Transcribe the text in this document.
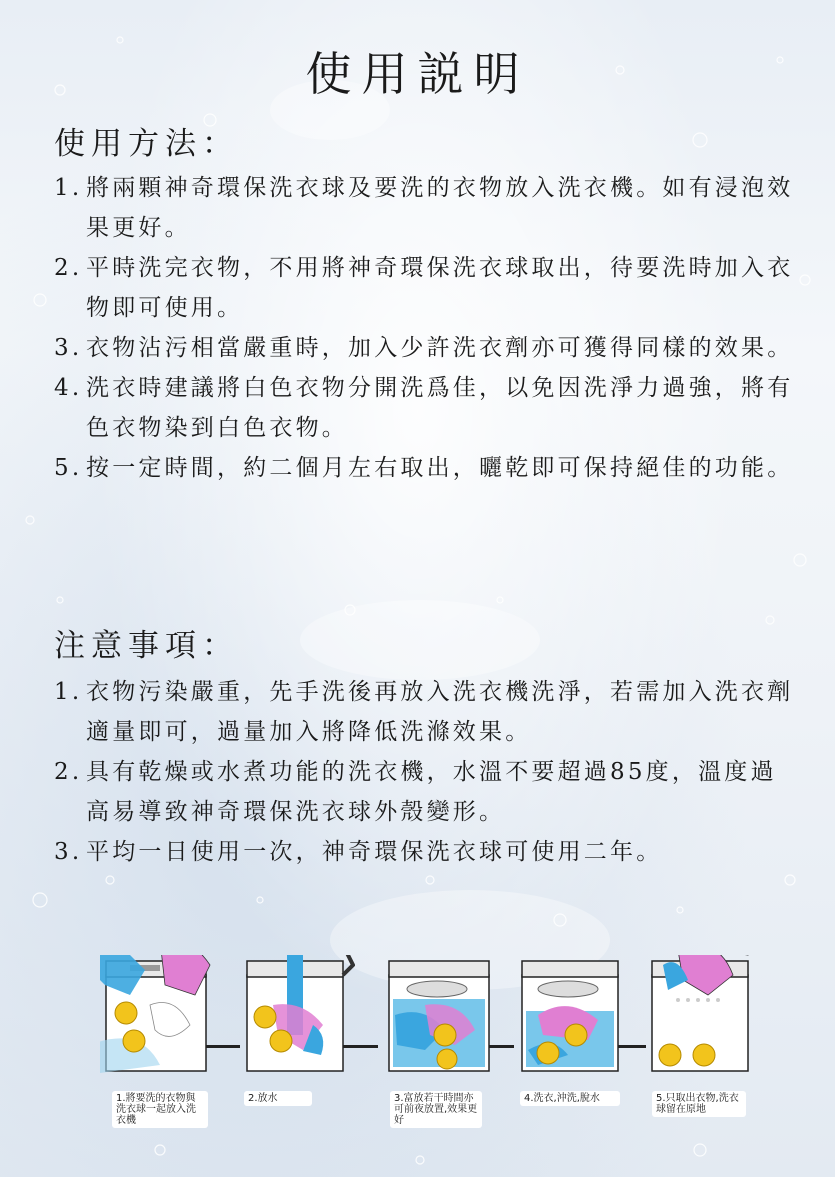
使用説明
使用方法：
1. 將兩顆神奇環保洗衣球及要洗的衣物放入洗衣機。如有浸泡效果更好。
2. 平時洗完衣物，不用將神奇環保洗衣球取出，待要洗時加入衣物即可使用。
3. 衣物沾污相當嚴重時，加入少許洗衣劑亦可獲得同樣的效果。
4. 洗衣時建議將白色衣物分開洗爲佳，以免因洗淨力過強，將有色衣物染到白色衣物。
5. 按一定時間，約二個月左右取出，曬乾即可保持絕佳的功能。
注意事項：
1. 衣物污染嚴重，先手洗後再放入洗衣機洗淨，若需加入洗衣劑適量即可，過量加入將降低洗滌效果。
2. 具有乾燥或水煮功能的洗衣機，水溫不要超過85度，溫度過高易導致神奇環保洗衣球外殼變形。
3. 平均一日使用一次，神奇環保洗衣球可使用二年。
1.將要洗的衣物與洗衣球一起放入洗衣機
2.放水	3.富放若干時間亦可前夜放置,效果更好
4.洗衣,沖洗,脫水	5.只取出衣物,洗衣球留在原地
